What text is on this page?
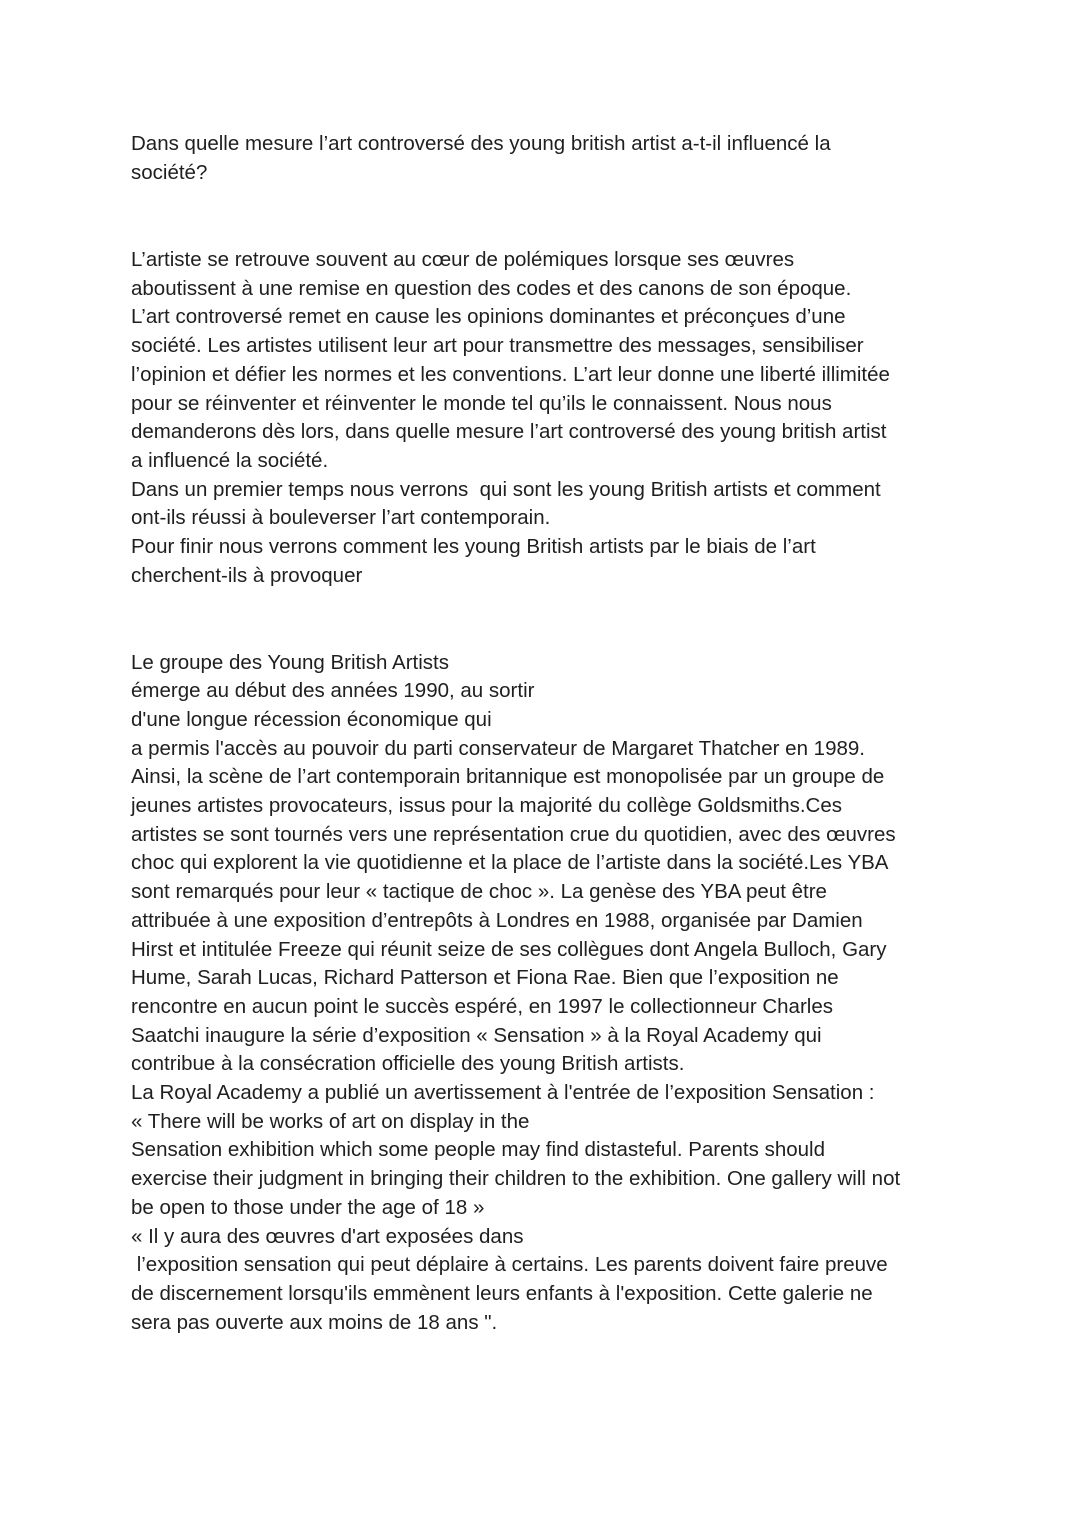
Dans quelle mesure l’art controversé des young british artist a-t-il influencé la

société?

L’artiste se retrouve souvent au cœur de polémiques lorsque ses œuvres

aboutissent à une remise en question des codes et des canons de son époque.

L’art controversé remet en cause les opinions dominantes et préconçues d’une

société. Les artistes utilisent leur art pour transmettre des messages, sensibiliser

l’opinion et défier les normes et les conventions. L’art leur donne une liberté illimitée

pour se réinventer et réinventer le monde tel qu’ils le connaissent. Nous nous

demanderons dès lors, dans quelle mesure l’art controversé des young british artist

a influencé la société.

Dans un premier temps nous verrons  qui sont les young British artists et comment

ont-ils réussi à bouleverser l’art contemporain.

Pour finir nous verrons comment les young British artists par le biais de l’art

cherchent-ils à provoquer

Le groupe des Young British Artists

émerge au début des années 1990, au sortir

d'une longue récession économique qui

a permis l'accès au pouvoir du parti conservateur de Margaret Thatcher en 1989.

Ainsi, la scène de l’art contemporain britannique est monopolisée par un groupe de

jeunes artistes provocateurs, issus pour la majorité du collège Goldsmiths.Ces

artistes se sont tournés vers une représentation crue du quotidien, avec des œuvres

choc qui explorent la vie quotidienne et la place de l’artiste dans la société.Les YBA

sont remarqués pour leur « tactique de choc ». La genèse des YBA peut être

attribuée à une exposition d’entrepôts à Londres en 1988, organisée par Damien

Hirst et intitulée Freeze qui réunit seize de ses collègues dont Angela Bulloch, Gary

Hume, Sarah Lucas, Richard Patterson et Fiona Rae. Bien que l’exposition ne

rencontre en aucun point le succès espéré, en 1997 le collectionneur Charles

Saatchi inaugure la série d’exposition « Sensation » à la Royal Academy qui

contribue à la consécration officielle des young British artists.

La Royal Academy a publié un avertissement à l'entrée de l’exposition Sensation :

« There will be works of art on display in the

Sensation exhibition which some people may find distasteful. Parents should

exercise their judgment in bringing their children to the exhibition. One gallery will not

be open to those under the age of 18 »

« Il y aura des œuvres d'art exposées dans

l’exposition sensation qui peut déplaire à certains. Les parents doivent faire preuve

de discernement lorsqu'ils emmènent leurs enfants à l'exposition. Cette galerie ne

sera pas ouverte aux moins de 18 ans ".
